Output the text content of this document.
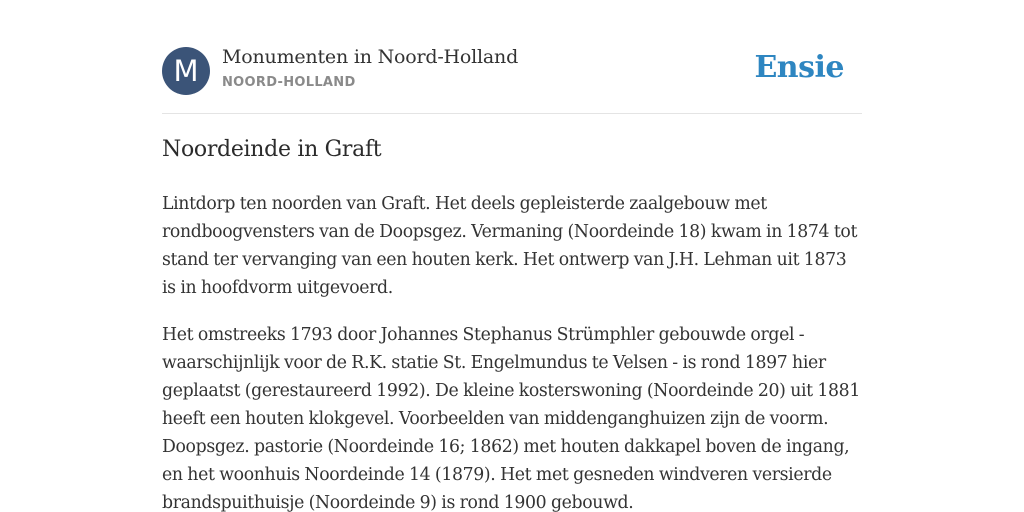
M	Monumenten in Noord-Holland
NOORD-HOLLAND	Ensie
Noordeinde in Graft

Lintdorp ten noorden van Graft. Het deels gepleisterde zaalgebouw met rondboogvensters van de Doopsgez. Vermaning (Noordeinde 18) kwam in 1874 tot stand ter vervanging van een houten kerk. Het ontwerp van J.H. Lehman uit 1873 is in hoofdvorm uitgevoerd.

Het omstreeks 1793 door Johannes Stephanus Strümphler gebouwde orgel - waarschijnlijk voor de R.K. statie St. Engelmundus te Velsen - is rond 1897 hier geplaatst (gerestaureerd 1992). De kleine kosterswoning (Noordeinde 20) uit 1881 heeft een houten klokgevel. Voorbeelden van middenganghuizen zijn de voorm. Doopsgez. pastorie (Noordeinde 16; 1862) met houten dakkapel boven de ingang, en het woonhuis Noordeinde 14 (1879). Het met gesneden windveren versierde brandspuithuisje (Noordeinde 9) is rond 1900 gebouwd.
